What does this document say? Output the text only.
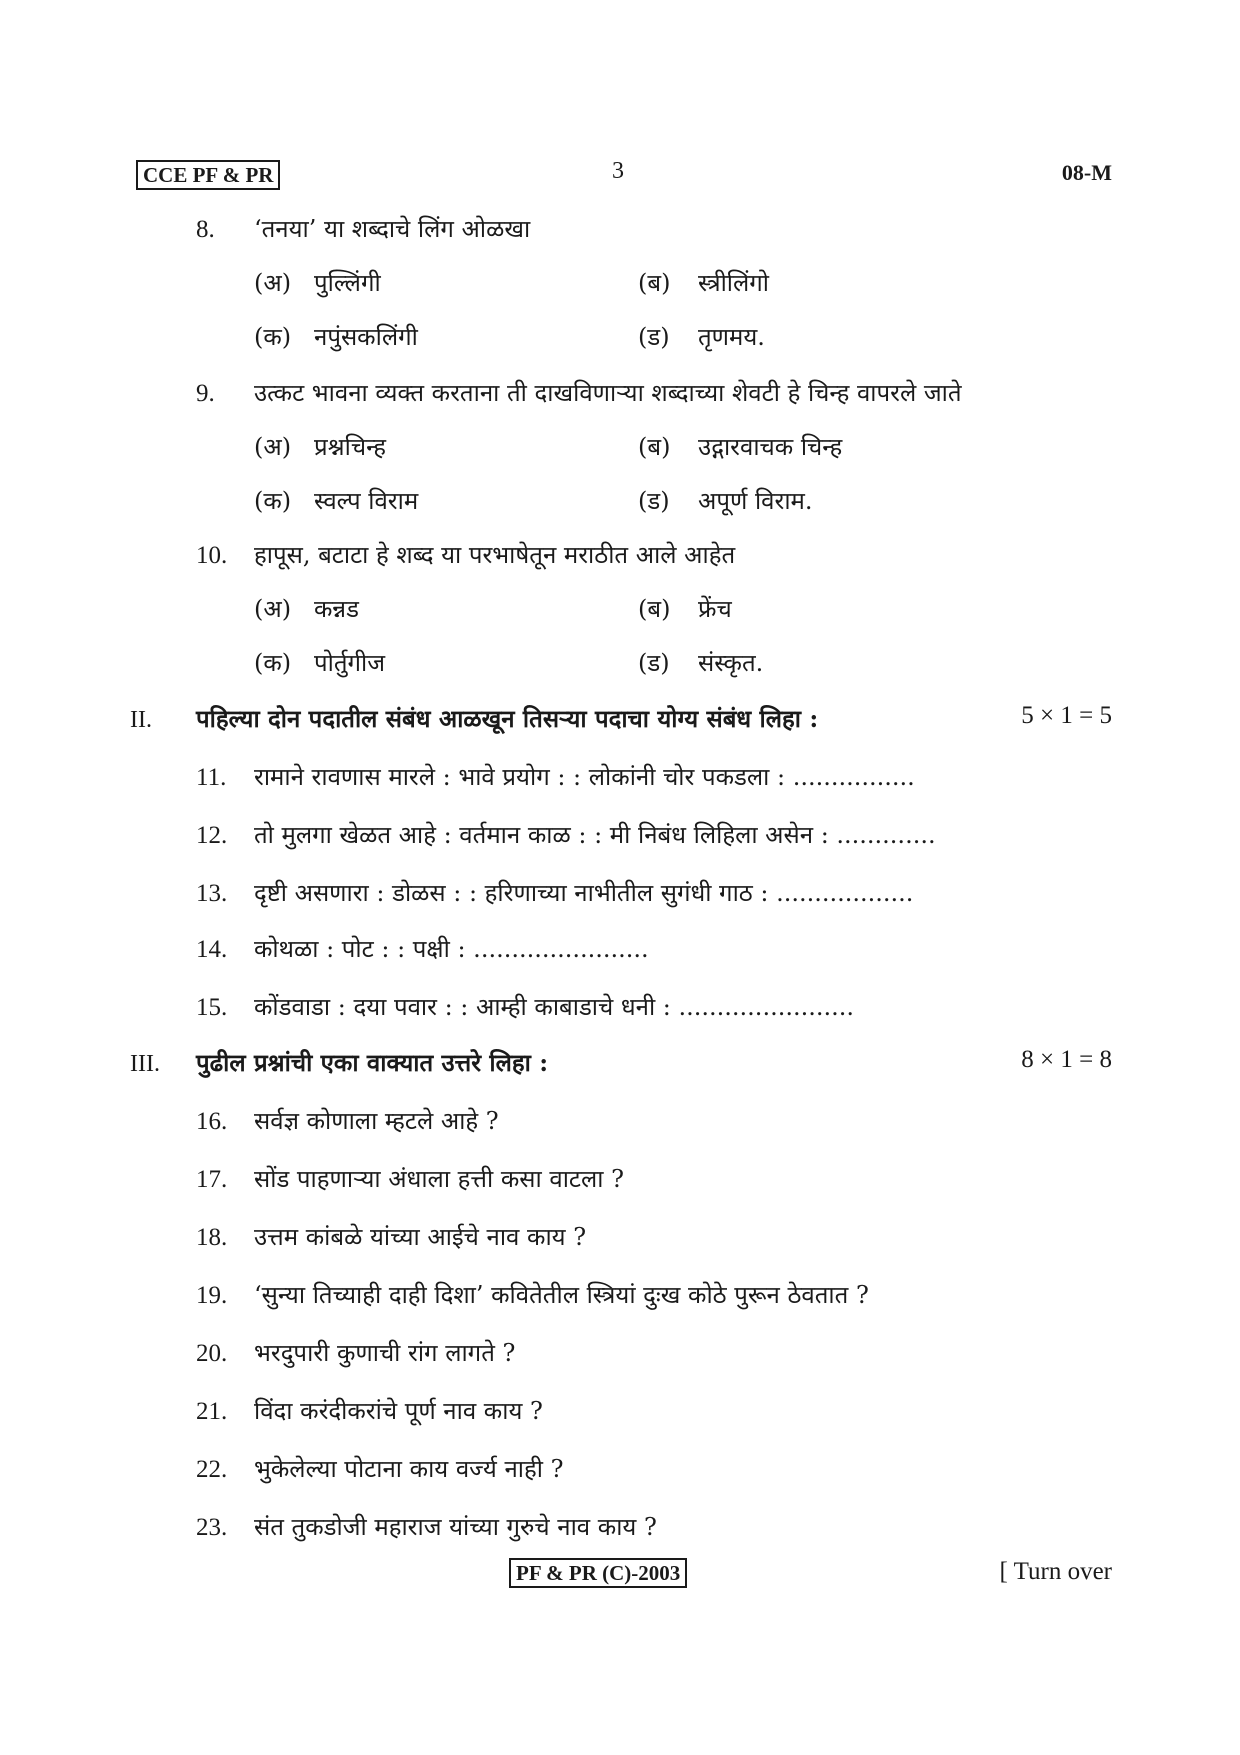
CCE PF & PR	3	08-M
8. ‘तनया’ या शब्दाचे लिंग ओळखा
(अ) पुल्लिंगी	(ब) स्त्रीलिंगो
(क) नपुंसकलिंगी	(ड) तृणमय.
9. उत्कट भावना व्यक्त करताना ती दाखविणाऱ्या शब्दाच्या शेवटी हे चिन्ह वापरले जाते
(अ) प्रश्नचिन्ह	(ब) उद्गारवाचक चिन्ह
(क) स्वल्प विराम	(ड) अपूर्ण विराम.
10. हापूस, बटाटा हे शब्द या परभाषेतून मराठीत आले आहेत
(अ) कन्नड	(ब) फ्रेंच
(क) पोर्तुगीज	(ड) संस्कृत.
II. पहिल्या दोन पदातील संबंध आळखून तिसऱ्या पदाचा योग्य संबंध लिहा :	5 × 1 = 5
11. रामाने रावणास मारले : भावे प्रयोग : : लोकांनी चोर पकडला : ................
12. तो मुलगा खेळत आहे : वर्तमान काळ : : मी निबंध लिहिला असेन : .............
13. दृष्टी असणारा : डोळस : : हरिणाच्या नाभीतील सुगंधी गाठ : ..................
14. कोथळा : पोट : : पक्षी : .......................
15. कोंडवाडा : दया पवार : : आम्ही काबाडाचे धनी : .......................
III. पुढील प्रश्नांची एका वाक्यात उत्तरे लिहा :	8 × 1 = 8
16. सर्वज्ञ कोणाला म्हटले आहे ?
17. सोंड पाहणाऱ्या अंधाला हत्ती कसा वाटला ?
18. उत्तम कांबळे यांच्या आईचे नाव काय ?
19. ‘सुन्या तिच्याही दाही दिशा’ कवितेतील स्त्रियां दुःख कोठे पुरून ठेवतात ?
20. भरदुपारी कुणाची रांग लागते ?
21. विंदा करंदीकरांचे पूर्ण नाव काय ?
22. भुकेलेल्या पोटाना काय वर्ज्य नाही ?
23. संत तुकडोजी महाराज यांच्या गुरुचे नाव काय ?
PF & PR (C)-2003	[ Turn over
